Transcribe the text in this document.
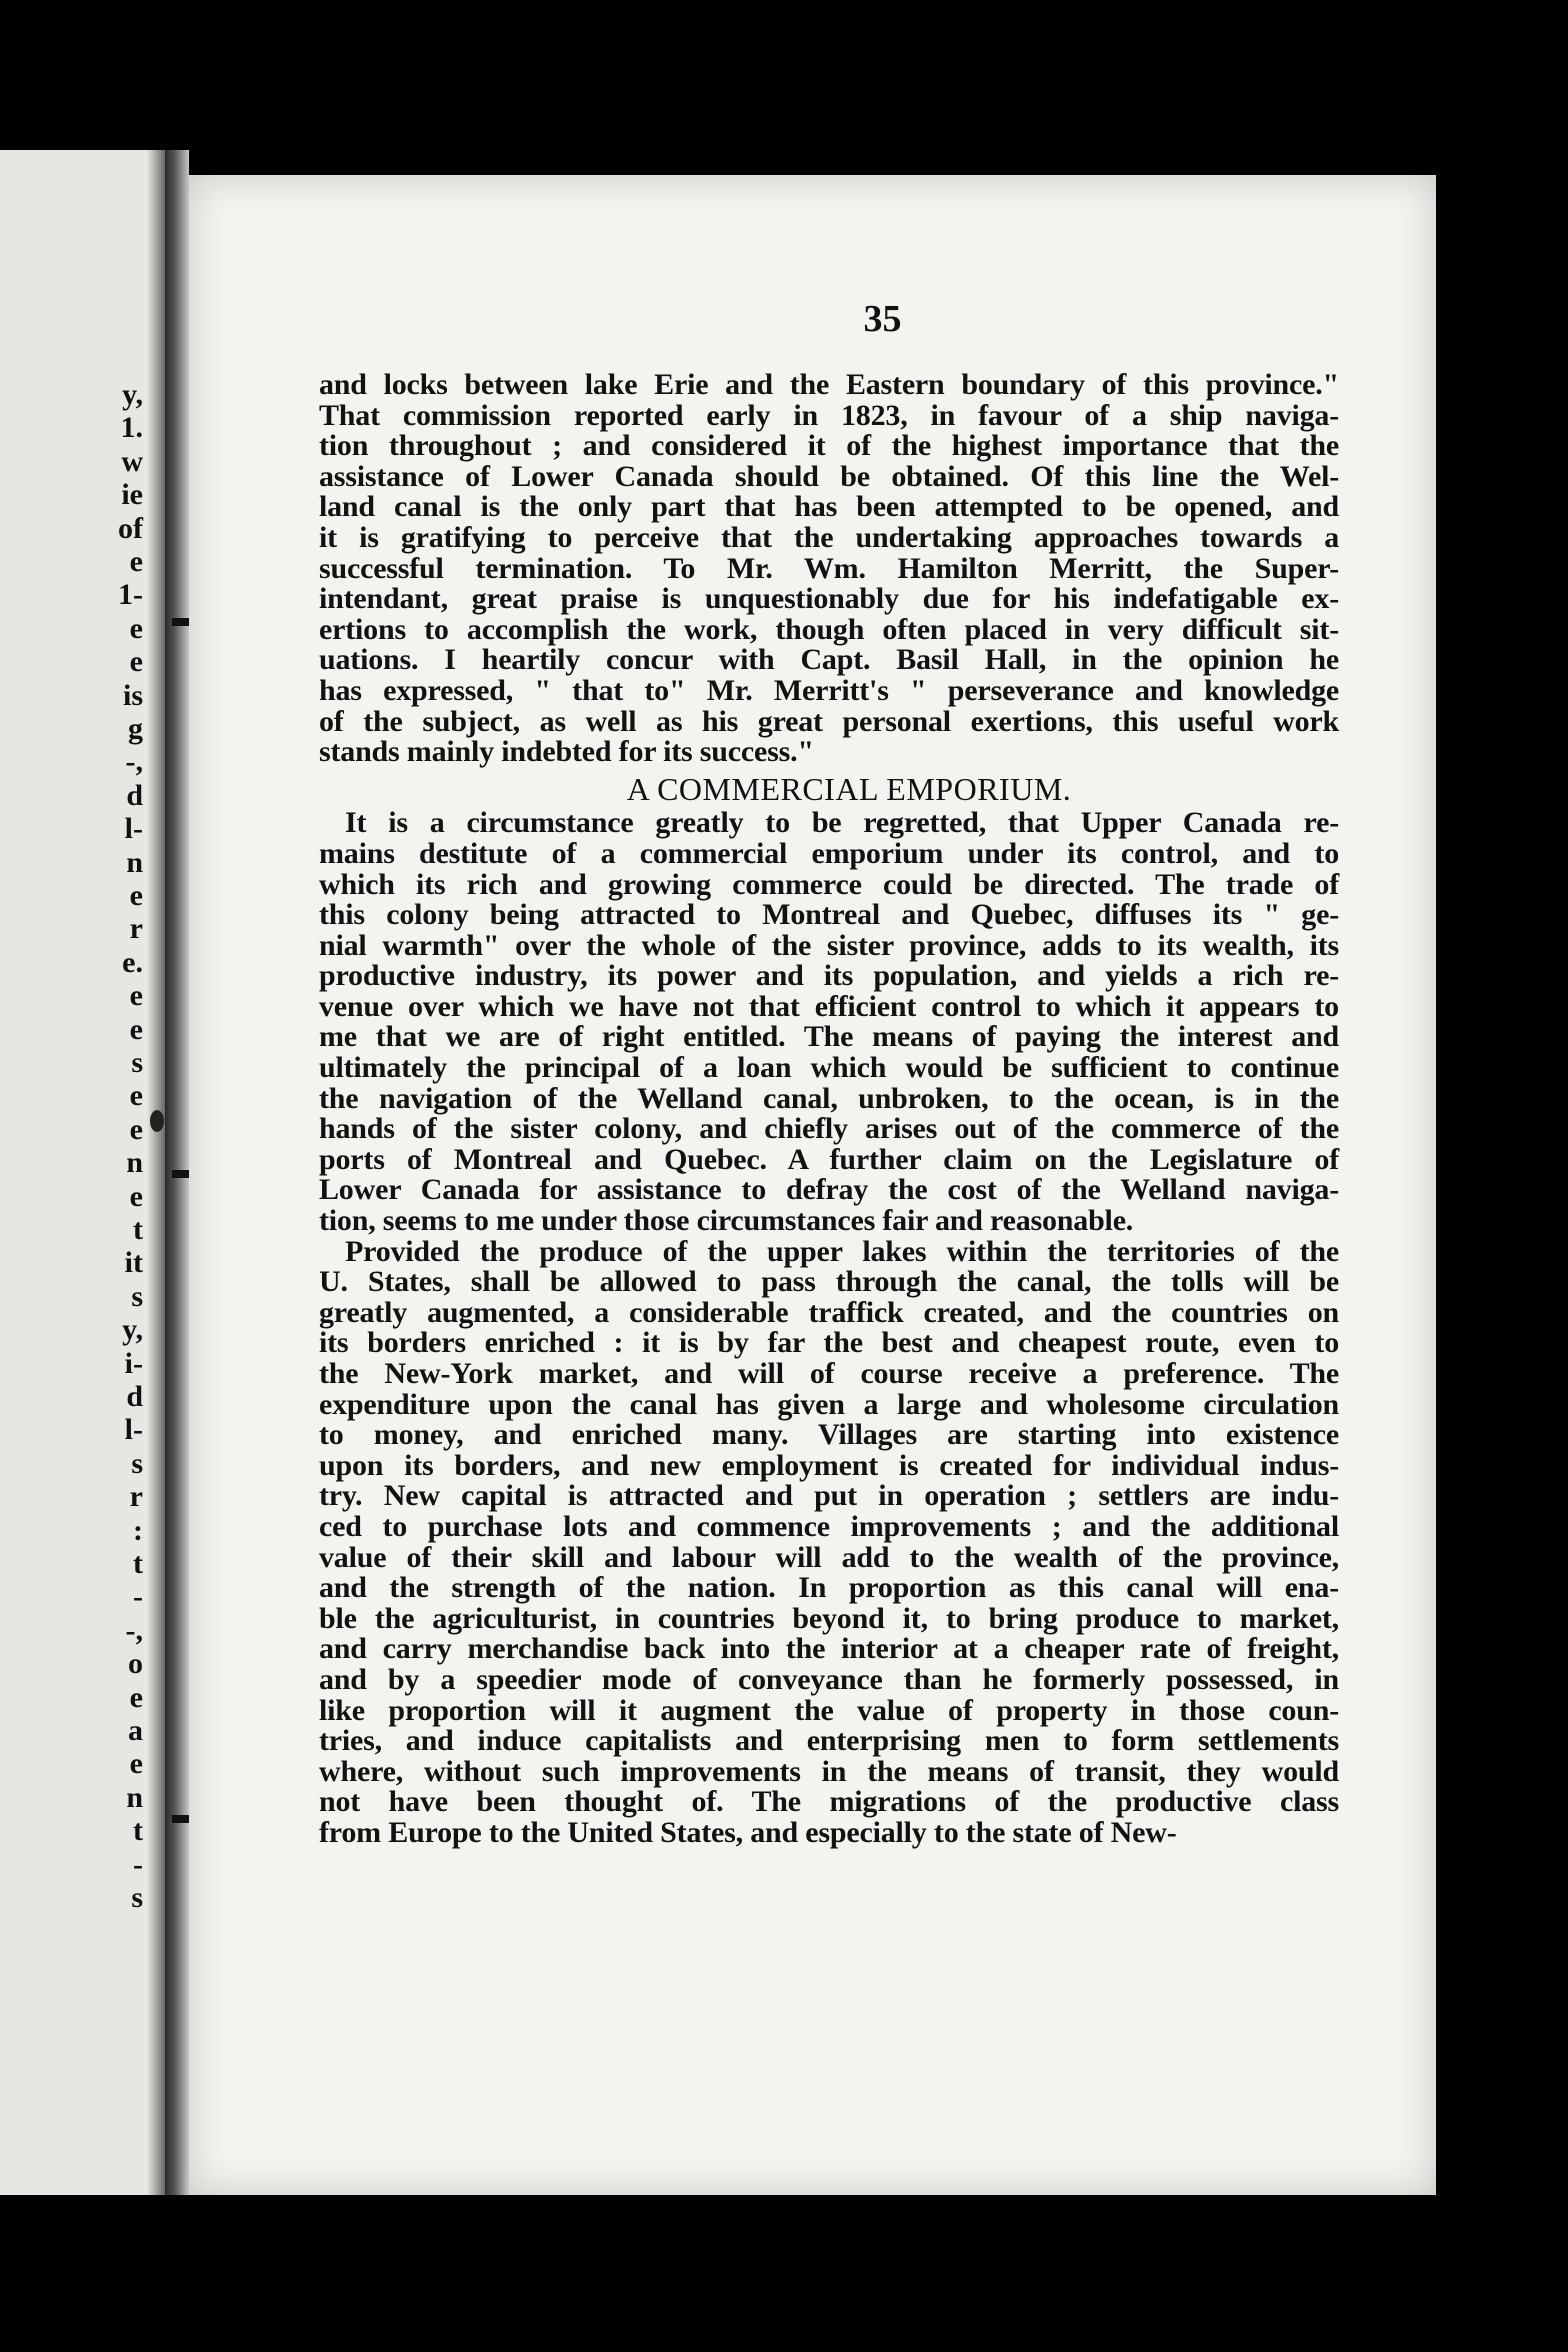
y,
1.
w
ie
of
e
1-
e
e
is
g
-,
d
l-
n
e
r
e.
e
e
s
e
e
n
e
t
it
s
y,
i-
d
l-
s
r
:
t
-
-,
o
e
a
e
n
t
-
s
35
and locks between lake Erie and the Eastern boundary of this province."
That commission reported early in 1823, in favour of a ship naviga-
tion throughout ; and considered it of the highest importance that the
assistance of Lower Canada should be obtained. Of this line the Wel-
land canal is the only part that has been attempted to be opened, and
it is gratifying to perceive that the undertaking approaches towards a
successful termination. To Mr. Wm. Hamilton Merritt, the Super-
intendant, great praise is unquestionably due for his indefatigable ex-
ertions to accomplish the work, though often placed in very difficult sit-
uations. I heartily concur with Capt. Basil Hall, in the opinion he
has expressed, " that to" Mr. Merritt's " perseverance and knowledge
of the subject, as well as his great personal exertions, this useful work
stands mainly indebted for its success."
A COMMERCIAL EMPORIUM.
It is a circumstance greatly to be regretted, that Upper Canada re-
mains destitute of a commercial emporium under its control, and to
which its rich and growing commerce could be directed. The trade of
this colony being attracted to Montreal and Quebec, diffuses its " ge-
nial warmth" over the whole of the sister province, adds to its wealth, its
productive industry, its power and its population, and yields a rich re-
venue over which we have not that efficient control to which it appears to
me that we are of right entitled. The means of paying the interest and
ultimately the principal of a loan which would be sufficient to continue
the navigation of the Welland canal, unbroken, to the ocean, is in the
hands of the sister colony, and chiefly arises out of the commerce of the
ports of Montreal and Quebec. A further claim on the Legislature of
Lower Canada for assistance to defray the cost of the Welland naviga-
tion, seems to me under those circumstances fair and reasonable.
Provided the produce of the upper lakes within the territories of the
U. States, shall be allowed to pass through the canal, the tolls will be
greatly augmented, a considerable traffick created, and the countries on
its borders enriched : it is by far the best and cheapest route, even to
the New-York market, and will of course receive a preference. The
expenditure upon the canal has given a large and wholesome circulation
to money, and enriched many. Villages are starting into existence
upon its borders, and new employment is created for individual indus-
try. New capital is attracted and put in operation ; settlers are indu-
ced to purchase lots and commence improvements ; and the additional
value of their skill and labour will add to the wealth of the province,
and the strength of the nation. In proportion as this canal will ena-
ble the agriculturist, in countries beyond it, to bring produce to market,
and carry merchandise back into the interior at a cheaper rate of freight,
and by a speedier mode of conveyance than he formerly possessed, in
like proportion will it augment the value of property in those coun-
tries, and induce capitalists and enterprising men to form settlements
where, without such improvements in the means of transit, they would
not have been thought of. The migrations of the productive class
from Europe to the United States, and especially to the state of New-
